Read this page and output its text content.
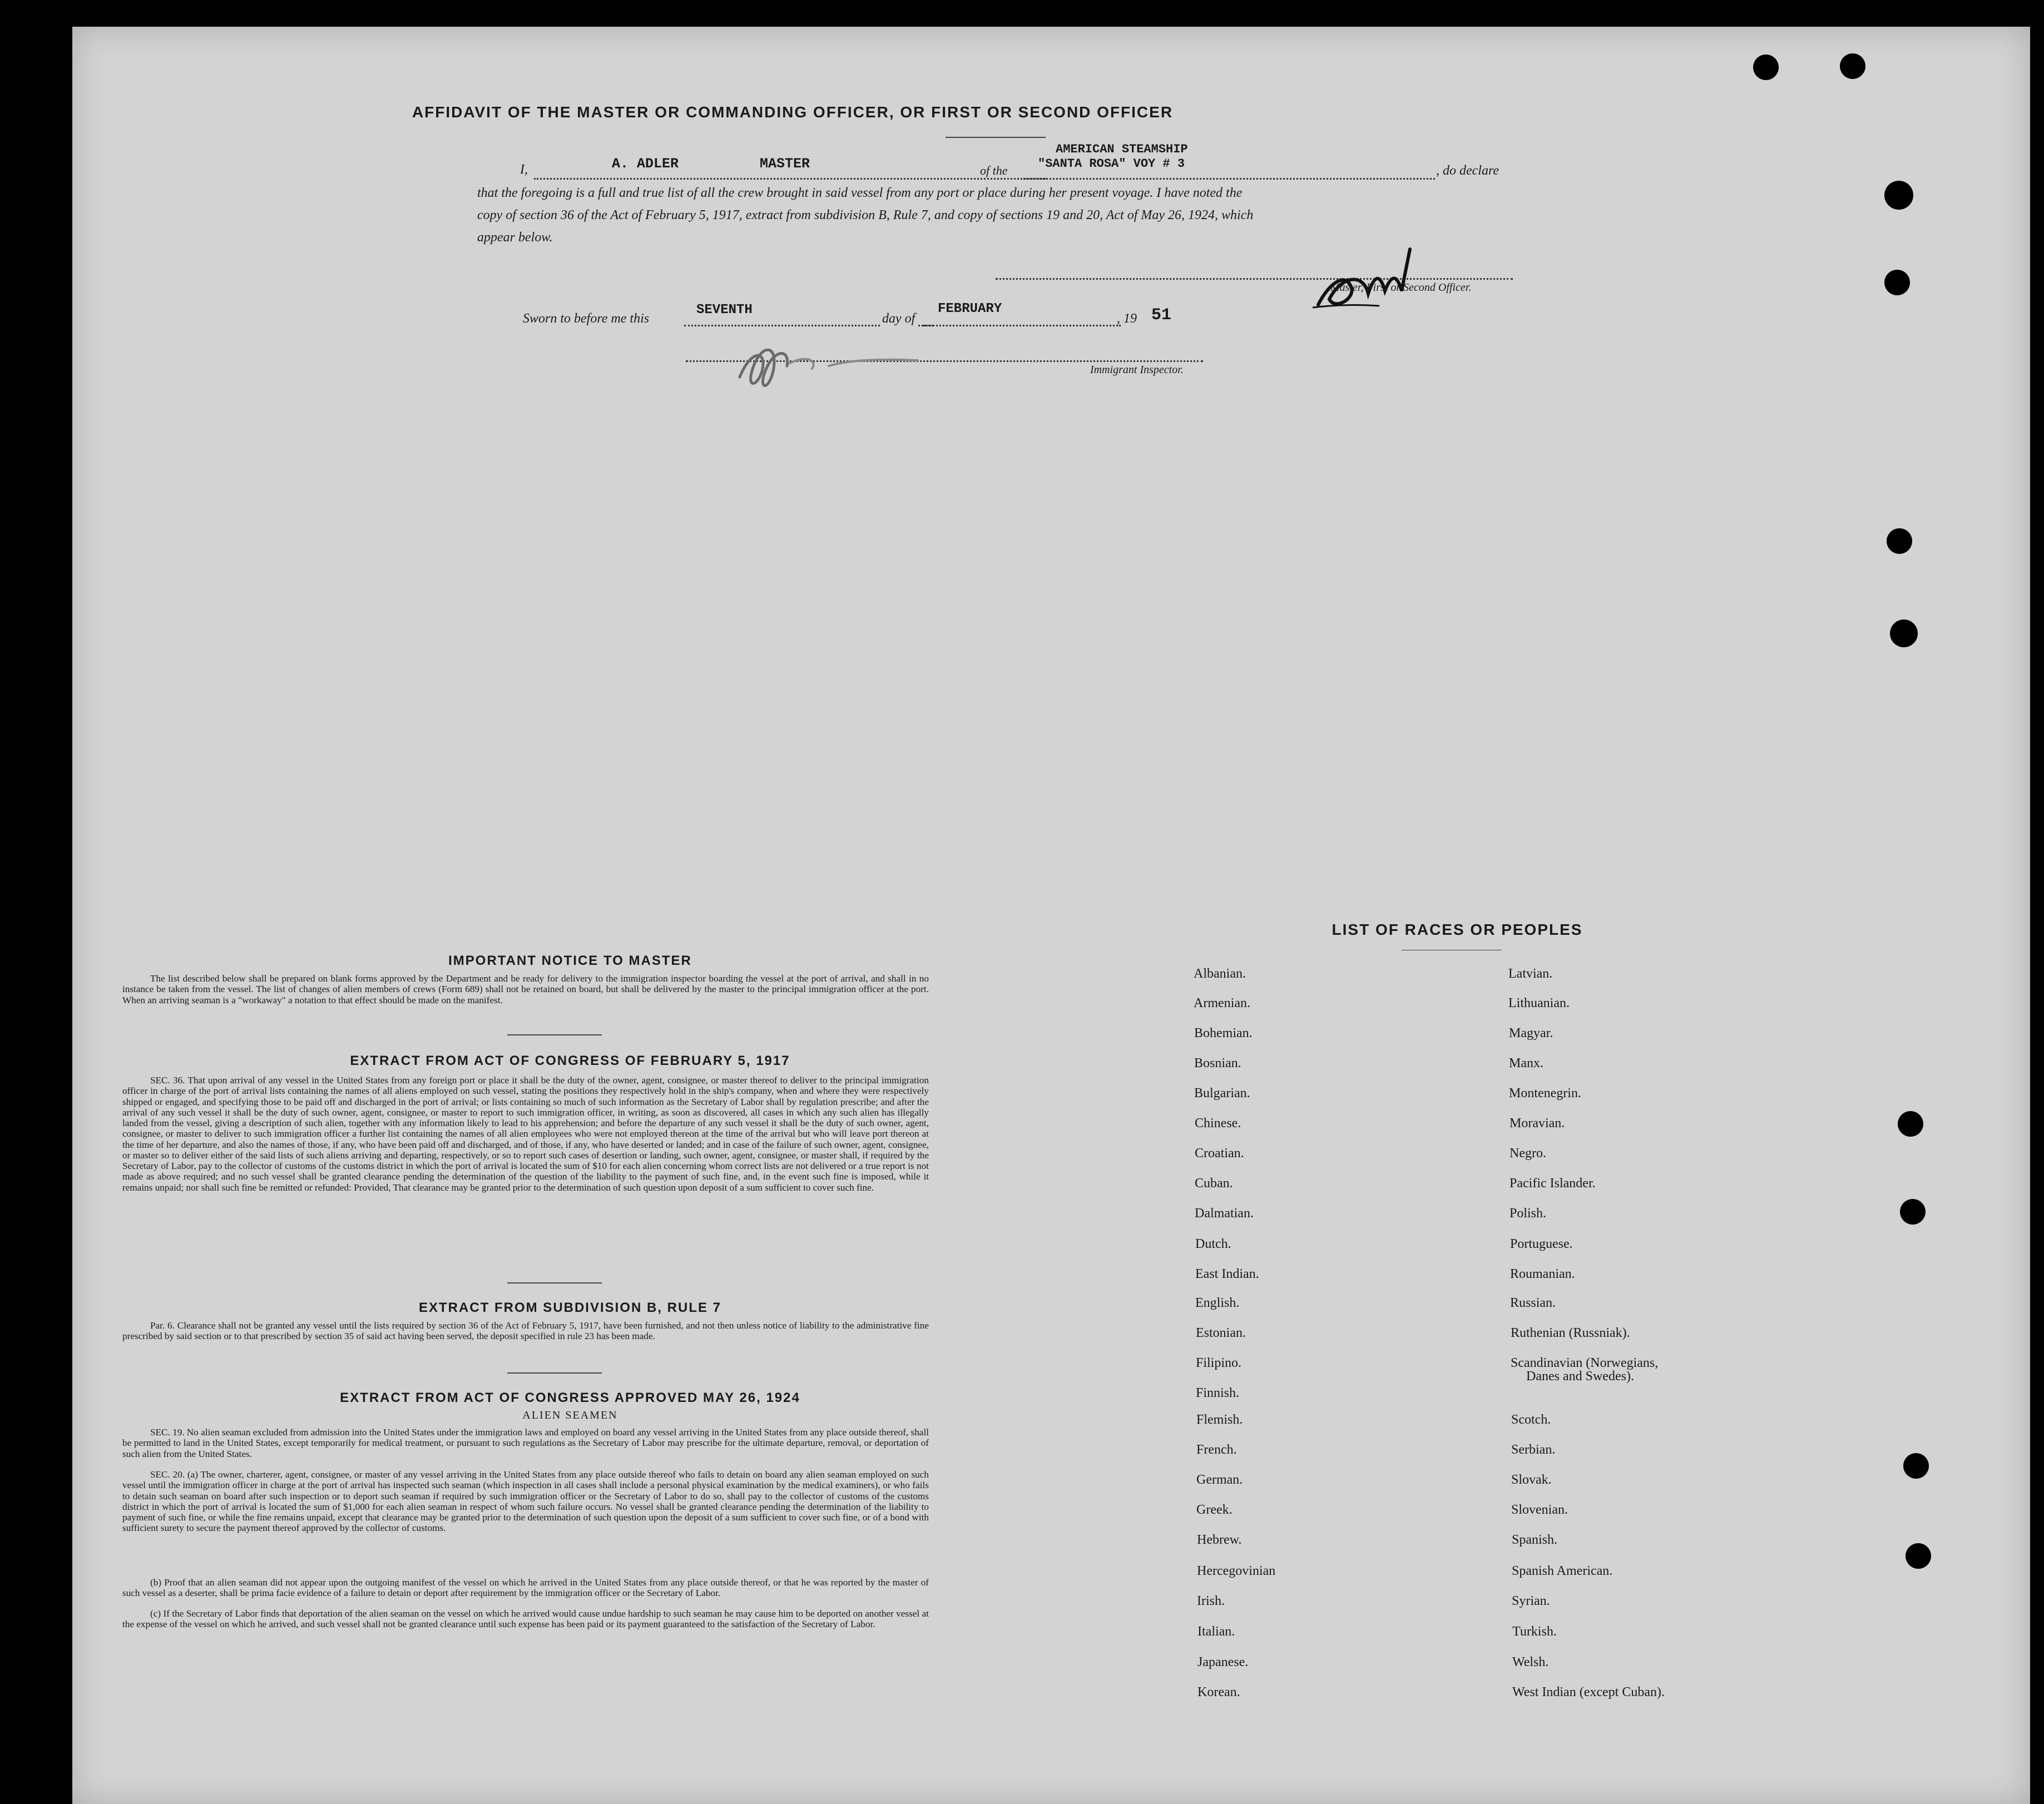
AFFIDAVIT OF THE MASTER OR COMMANDING OFFICER, OR FIRST OR SECOND OFFICER
I,	A. ADLER	MASTER	of the
AMERICAN STEAMSHIP
"SANTA ROSA" VOY # 3	, do declare
that the foregoing is a full and true list of all the crew brought in said vessel from any port or place during her present voyage. I have noted the
copy of section 36 of the Act of February 5, 1917, extract from subdivision B, Rule 7, and copy of sections 19 and 20, Act of May 26, 1924, which
appear below.
Master, First or Second Officer.
Sworn to before me this
SEVENTH
day of
FEBRUARY
, 19 51
Immigrant Inspector.
IMPORTANT NOTICE TO MASTER

The list described below shall be prepared on blank forms approved by the Department and be ready for delivery to the immigration inspector boarding the vessel at the port of arrival, and shall in no instance be taken from the vessel. The list of changes of alien members of crews (Form 689) shall not be retained on board, but shall be delivered by the master to the principal immigration officer at the port. When an arriving seaman is a "workaway" a notation to that effect should be made on the manifest.

EXTRACT FROM ACT OF CONGRESS OF FEBRUARY 5, 1917

SEC. 36. That upon arrival of any vessel in the United States from any foreign port or place it shall be the duty of the owner, agent, consignee, or master thereof to deliver to the principal immigration officer in charge of the port of arrival lists containing the names of all aliens employed on such vessel, stating the positions they respectively hold in the ship's company, when and where they were respectively shipped or engaged, and specifying those to be paid off and discharged in the port of arrival; or lists containing so much of such information as the Secretary of Labor shall by regulation prescribe; and after the arrival of any such vessel it shall be the duty of such owner, agent, consignee, or master to report to such immigration officer, in writing, as soon as discovered, all cases in which any such alien has illegally landed from the vessel, giving a description of such alien, together with any information likely to lead to his apprehension; and before the departure of any such vessel it shall be the duty of such owner, agent, consignee, or master to deliver to such immigration officer a further list containing the names of all alien employees who were not employed thereon at the time of the arrival but who will leave port thereon at the time of her departure, and also the names of those, if any, who have been paid off and discharged, and of those, if any, who have deserted or landed; and in case of the failure of such owner, agent, consignee, or master so to deliver either of the said lists of such aliens arriving and departing, respectively, or so to report such cases of desertion or landing, such owner, agent, consignee, or master shall, if required by the Secretary of Labor, pay to the collector of customs of the customs district in which the port of arrival is located the sum of $10 for each alien concerning whom correct lists are not delivered or a true report is not made as above required; and no such vessel shall be granted clearance pending the determination of the question of the liability to the payment of such fine, and, in the event such fine is imposed, while it remains unpaid; nor shall such fine be remitted or refunded: Provided, That clearance may be granted prior to the determination of such question upon deposit of a sum sufficient to cover such fine.

EXTRACT FROM SUBDIVISION B, RULE 7

Par. 6. Clearance shall not be granted any vessel until the lists required by section 36 of the Act of February 5, 1917, have been furnished, and not then unless notice of liability to the administrative fine prescribed by said section or to that prescribed by section 35 of said act having been served, the deposit specified in rule 23 has been made.

EXTRACT FROM ACT OF CONGRESS APPROVED MAY 26, 1924
ALIEN SEAMEN

SEC. 19. No alien seaman excluded from admission into the United States under the immigration laws and employed on board any vessel arriving in the United States from any place outside thereof, shall be permitted to land in the United States, except temporarily for medical treatment, or pursuant to such regulations as the Secretary of Labor may prescribe for the ultimate departure, removal, or deportation of such alien from the United States.

SEC. 20. (a) The owner, charterer, agent, consignee, or master of any vessel arriving in the United States from any place outside thereof who fails to detain on board any alien seaman employed on such vessel until the immigration officer in charge at the port of arrival has inspected such seaman (which inspection in all cases shall include a personal physical examination by the medical examiners), or who fails to detain such seaman on board after such inspection or to deport such seaman if required by such immigration officer or the Secretary of Labor to do so, shall pay to the collector of customs of the customs district in which the port of arrival is located the sum of $1,000 for each alien seaman in respect of whom such failure occurs. No vessel shall be granted clearance pending the determination of the liability to payment of such fine, or while the fine remains unpaid, except that clearance may be granted prior to the determination of such question upon the deposit of a sum sufficient to cover such fine, or of a bond with sufficient surety to secure the payment thereof approved by the collector of customs.

(b) Proof that an alien seaman did not appear upon the outgoing manifest of the vessel on which he arrived in the United States from any place outside thereof, or that he was reported by the master of such vessel as a deserter, shall be prima facie evidence of a failure to detain or deport after requirement by the immigration officer or the Secretary of Labor.

(c) If the Secretary of Labor finds that deportation of the alien seaman on the vessel on which he arrived would cause undue hardship to such seaman he may cause him to be deported on another vessel at the expense of the vessel on which he arrived, and such vessel shall not be granted clearance until such expense has been paid or its payment guaranteed to the satisfaction of the Secretary of Labor.

LIST OF RACES OR PEOPLES
Albanian.
Armenian.
Bohemian.
Bosnian.
Bulgarian.
Chinese.
Croatian.
Cuban.
Dalmatian.
Dutch.
East Indian.
English.
Estonian.
Filipino.
Finnish.
Flemish.
French.
German.
Greek.
Hebrew.
Hercegovinian
Irish.
Italian.
Japanese.
Korean.
Latvian.
Lithuanian.
Magyar.
Manx.
Montenegrin.
Moravian.
Negro.
Pacific Islander.
Polish.
Portuguese.
Roumanian.
Russian.
Ruthenian (Russniak).
Scandinavian (Norwegians,
Danes and Swedes).
Scotch.
Serbian.
Slovak.
Slovenian.
Spanish.
Spanish American.
Syrian.
Turkish.
Welsh.
West Indian (except Cuban).
